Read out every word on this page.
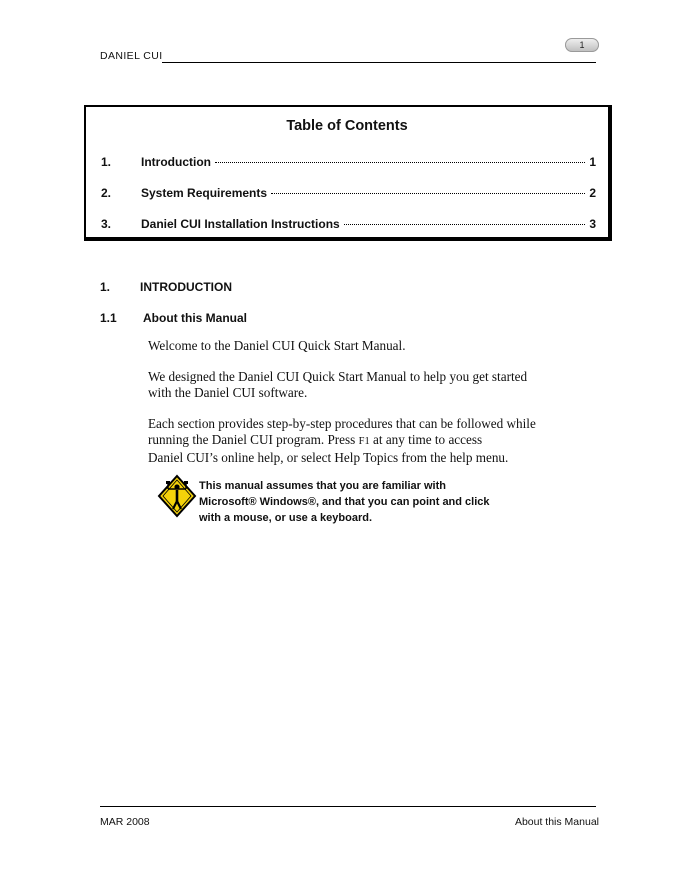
DANIEL CUI
1
Table of Contents
1.	Introduction	1
2.	System Requirements	2
3.	Daniel CUI Installation Instructions	3
1. INTRODUCTION
1.1 About this Manual
Welcome to the Daniel CUI Quick Start Manual.
We designed the Daniel CUI Quick Start Manual to help you get started
with the Daniel CUI software.
Each section provides step-by-step procedures that can be followed while
running the Daniel CUI program. Press F1 at any time to access
Daniel CUI’s online help, or select Help Topics from the help menu.
This manual assumes that you are familiar with
Microsoft® Windows®, and that you can point and click
with a mouse, or use a keyboard.
MAR 2008	About this Manual
